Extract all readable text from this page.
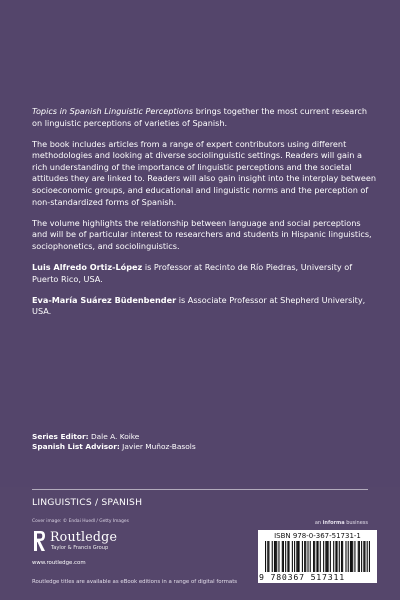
Topics in Spanish Linguistic Perceptions brings together the most current research on linguistic perceptions of varieties of Spanish.

The book includes articles from a range of expert contributors using different methodologies and looking at diverse sociolinguistic settings. Readers will gain a rich understanding of the importance of linguistic perceptions and the societal attitudes they are linked to. Readers will also gain insight into the interplay between socioeconomic groups, and educational and linguistic norms and the perception of non-standardized forms of Spanish.

The volume highlights the relationship between language and social perceptions and will be of particular interest to researchers and students in Hispanic linguistics, sociophonetics, and sociolinguistics.

Luis Alfredo Ortiz-López is Professor at Recinto de Río Piedras, University of Puerto Rico, USA.

Eva-María Suárez Büdenbender is Associate Professor at Shepherd University, USA.

Series Editor: Dale A. Koike
Spanish List Advisor: Javier Muñoz-Basols
LINGUISTICS / SPANISH
Cover image: © Endai Huedl / Getty Images	an informa business
Routledge
Taylor & Francis Group
www.routledge.com
Routledge titles are available as eBook editions in a range of digital formats
ISBN 978-0-367-51731-1
9 780367 517311
